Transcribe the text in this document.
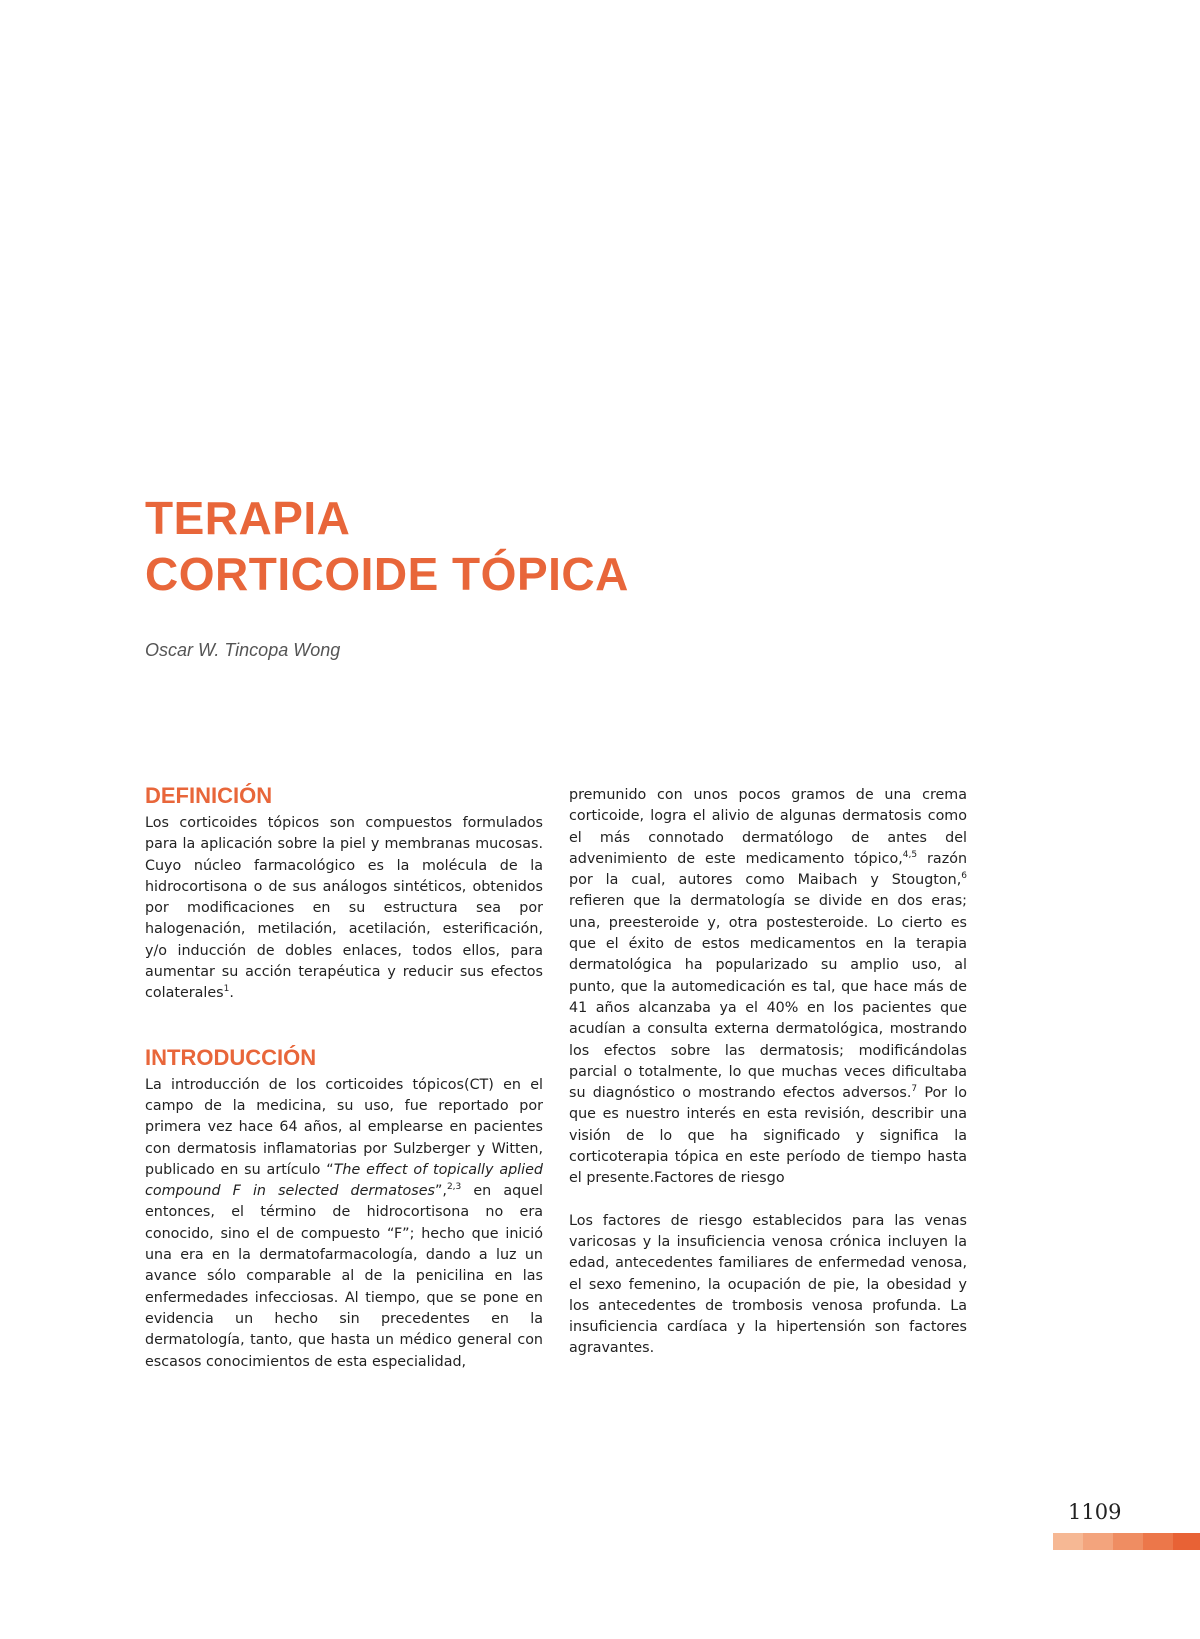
TERAPIA
CORTICOIDE TÓPICA
Oscar W. Tincopa Wong
DEFINICIÓN

Los corticoides tópicos son compuestos formulados para la aplicación sobre la piel y membranas mucosas. Cuyo núcleo farmacológico es la molécula de la hidrocortisona o de sus análogos sintéticos, obtenidos por modificaciones en su estructura sea por halogenación, metilación, acetilación, esterificación, y/o inducción de dobles enlaces, todos ellos, para aumentar su acción terapéutica y reducir sus efectos colaterales$^1$.

INTRODUCCIÓN

La introducción de los corticoides tópicos(CT) en el campo de la medicina, su uso, fue reportado por primera vez hace 64 años, al emplearse en pacientes con dermatosis inflamatorias por Sulzberger y Witten, publicado en su artículo “The effect of topically aplied compound F in selected dermatoses”,$^{2,3}$ en aquel entonces, el término de hidrocortisona no era conocido, sino el de compuesto “F”; hecho que inició una era en la dermatofarmacología, dando a luz un avance sólo comparable al de la penicilina en las enfermedades infecciosas. Al tiempo, que se pone en evidencia un hecho sin precedentes en la dermatología, tanto, que hasta un médico general con escasos conocimientos de esta especialidad,

premunido con unos pocos gramos de una crema corticoide, logra el alivio de algunas dermatosis como el más connotado dermatólogo de antes del advenimiento de este medicamento tópico,$^{4,5}$ razón por la cual, autores como Maibach y Stougton,$^6$ refieren que la dermatología se divide en dos eras; una, preesteroide y, otra postesteroide. Lo cierto es que el éxito de estos medicamentos en la terapia dermatológica ha popularizado su amplio uso, al punto, que la automedicación es tal, que hace más de 41 años alcanzaba ya el 40% en los pacientes que acudían a consulta externa dermatológica, mostrando los efectos sobre las dermatosis; modificándolas parcial o totalmente, lo que muchas veces dificultaba su diagnóstico o mostrando efectos adversos.$^7$ Por lo que es nuestro interés en esta revisión, describir una visión de lo que ha significado y significa la corticoterapia tópica en este período de tiempo hasta el presente.Factores de riesgo

Los factores de riesgo establecidos para las venas varicosas y la insuficiencia venosa crónica incluyen la edad, antecedentes familiares de enfermedad venosa, el sexo femenino, la ocupación de pie, la obesidad y los antecedentes de trombosis venosa profunda. La insuficiencia cardíaca y la hipertensión son factores agravantes.

1109
